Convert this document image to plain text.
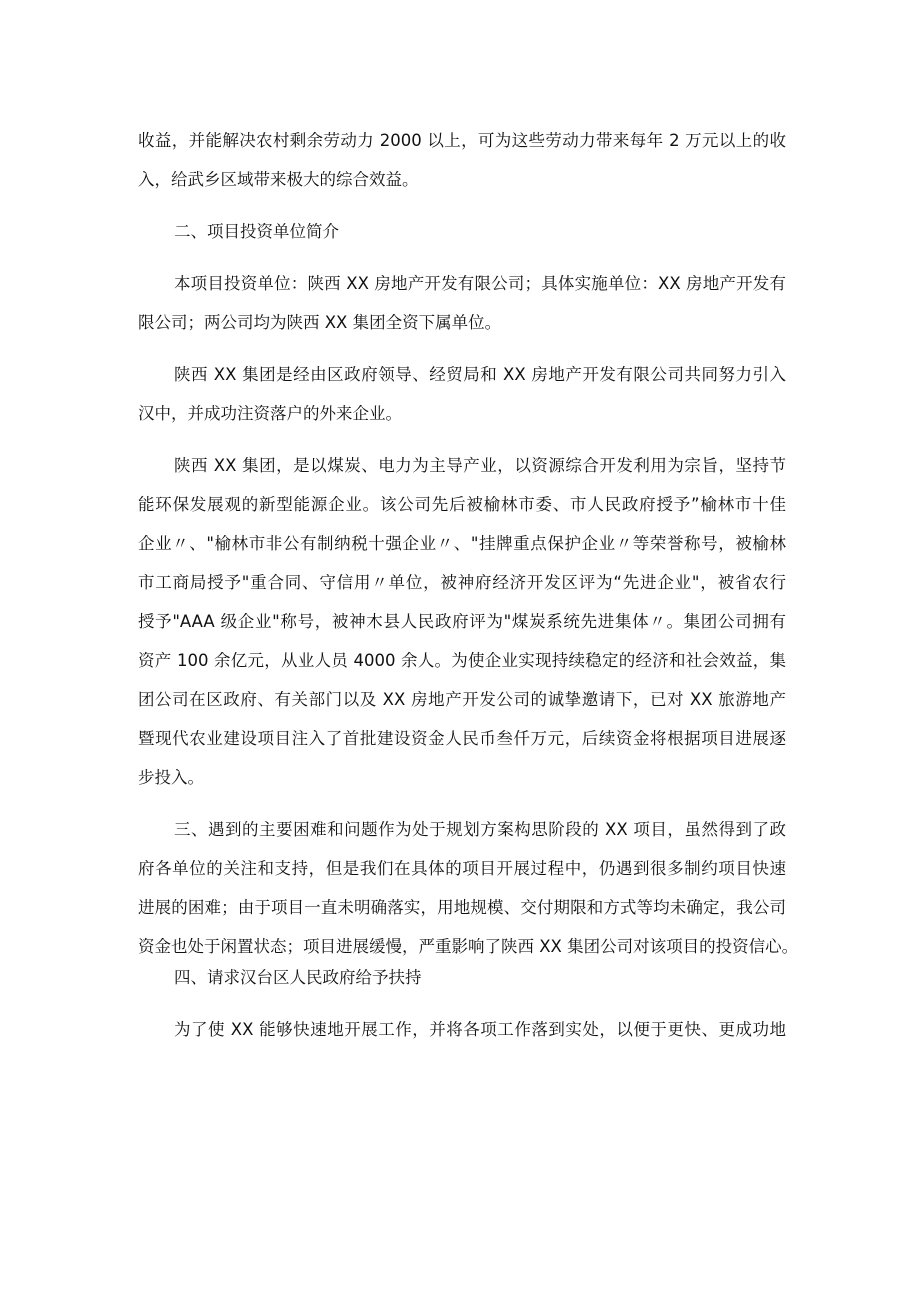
收益，并能解决农村剩余劳动力 2000 以上，可为这些劳动力带来每年 2 万元以上的收
入，给武乡区域带来极大的综合效益。
二、项目投资单位简介
本项目投资单位：陕西 XX 房地产开发有限公司；具体实施单位：XX 房地产开发有
限公司；两公司均为陕西 XX 集团全资下属单位。
陕西 XX 集团是经由区政府领导、经贸局和 XX 房地产开发有限公司共同努力引入
汉中，并成功注资落户的外来企业。
陕西 XX 集团，是以煤炭、电力为主导产业，以资源综合开发利用为宗旨，坚持节
能环保发展观的新型能源企业。该公司先后被榆林市委、市人民政府授予”榆林市十佳
企业〃、"榆林市非公有制纳税十强企业〃、"挂牌重点保护企业〃等荣誉称号，被榆林
市工商局授予"重合同、守信用〃单位，被神府经济开发区评为“先进企业"，被省农行
授予"AAA 级企业"称号，被神木县人民政府评为"煤炭系统先进集体〃。集团公司拥有
资产 100 余亿元，从业人员 4000 余人。为使企业实现持续稳定的经济和社会效益，集
团公司在区政府、有关部门以及 XX 房地产开发公司的诚挚邀请下，已对 XX 旅游地产
暨现代农业建设项目注入了首批建设资金人民币叁仟万元，后续资金将根据项目进展逐
步投入。
三、遇到的主要困难和问题作为处于规划方案构思阶段的 XX 项目，虽然得到了政
府各单位的关注和支持，但是我们在具体的项目开展过程中，仍遇到很多制约项目快速
进展的困难；由于项目一直未明确落实，用地规模、交付期限和方式等均未确定，我公司
资金也处于闲置状态；项目进展缓慢，严重影响了陕西 XX 集团公司对该项目的投资信心。
四、请求汉台区人民政府给予扶持
为了使 XX 能够快速地开展工作，并将各项工作落到实处，以便于更快、更成功地
